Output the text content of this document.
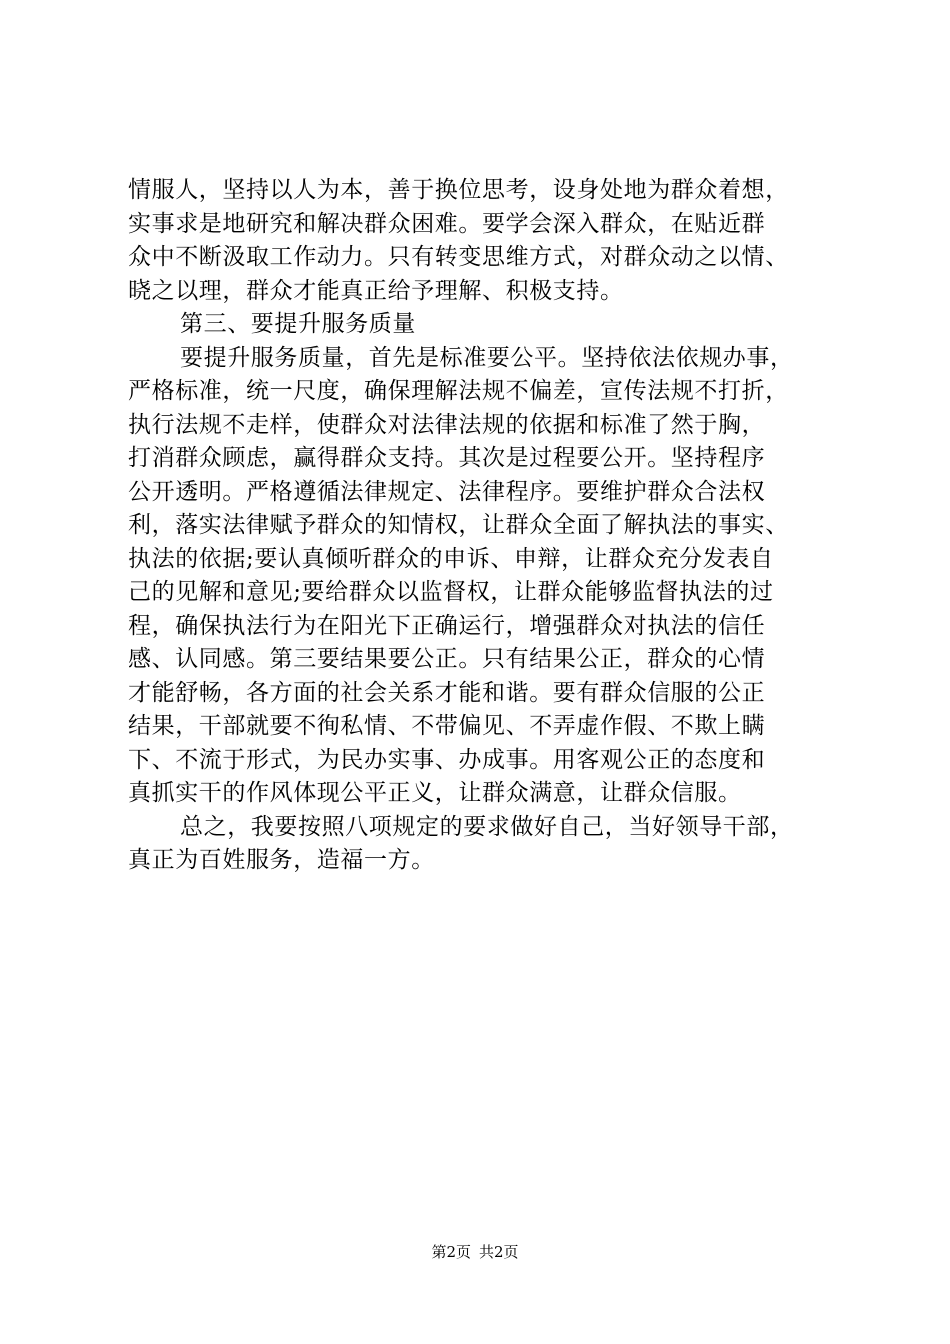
情服人，坚持以人为本，善于换位思考，设身处地为群众着想，
实事求是地研究和解决群众困难。要学会深入群众，在贴近群
众中不断汲取工作动力。只有转变思维方式，对群众动之以情、
晓之以理，群众才能真正给予理解、积极支持。
第三、要提升服务质量
要提升服务质量，首先是标准要公平。坚持依法依规办事，
严格标准，统一尺度，确保理解法规不偏差，宣传法规不打折，
执行法规不走样，使群众对法律法规的依据和标准了然于胸，
打消群众顾虑，赢得群众支持。其次是过程要公开。坚持程序
公开透明。严格遵循法律规定、法律程序。要维护群众合法权
利，落实法律赋予群众的知情权，让群众全面了解执法的事实、
执法的依据;要认真倾听群众的申诉、申辩，让群众充分发表自
己的见解和意见;要给群众以监督权，让群众能够监督执法的过
程，确保执法行为在阳光下正确运行，增强群众对执法的信任
感、认同感。第三要结果要公正。只有结果公正，群众的心情
才能舒畅，各方面的社会关系才能和谐。要有群众信服的公正
结果，干部就要不徇私情、不带偏见、不弄虚作假、不欺上瞒
下、不流于形式，为民办实事、办成事。用客观公正的态度和
真抓实干的作风体现公平正义，让群众满意，让群众信服。
总之，我要按照八项规定的要求做好自己，当好领导干部，
真正为百姓服务，造福一方。
第2页 共2页
